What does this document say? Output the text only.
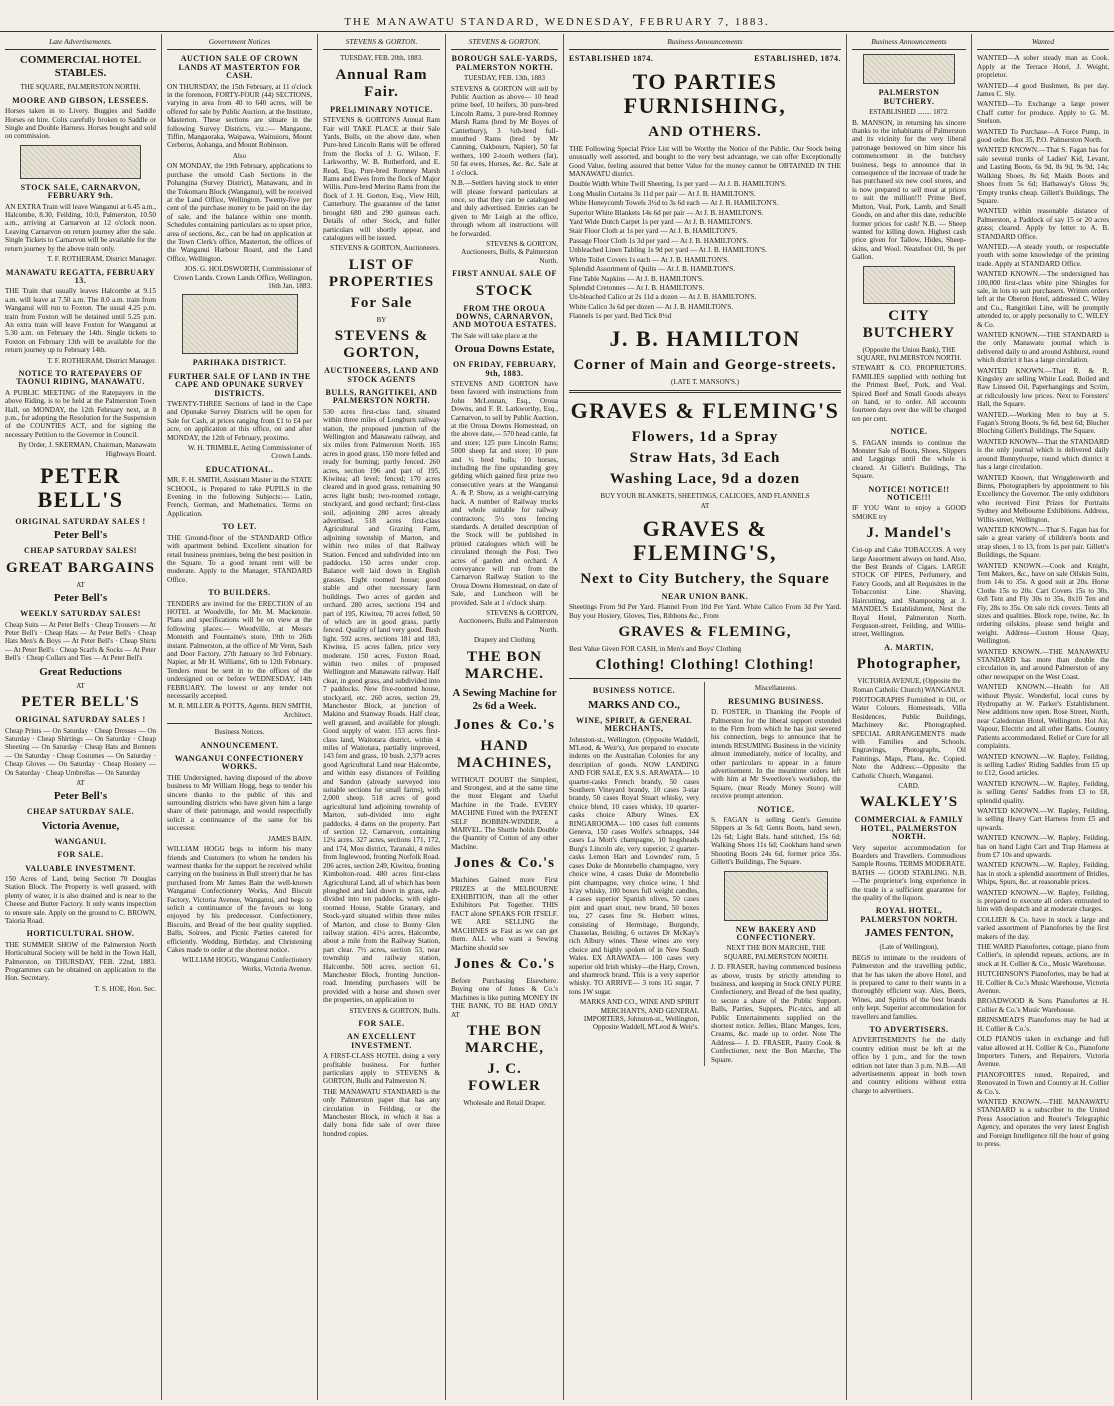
THE MANAWATU STANDARD, WEDNESDAY, FEBRUARY 7, 1883.
Late Advertisements.
COMMERCIAL HOTEL STABLES.
THE SQUARE, PALMERSTON NORTH.
MOORE AND GIBSON, LESSEES.
Horses taken in to Livery. Buggies and Saddle Horses on hire. Colts carefully broken to Saddle or Single and Double Harness. Horses bought and sold on commission.
STOCK SALE, CARNARVON, FEBRUARY 9th.
AN EXTRA Train will leave Wanganui at 6.45 a.m., Halcombe, 8.30, Feilding, 10.0, Palmerston, 10.50 a.m., arriving at Carnarvon at 12 o'clock noon. Leaving Carnarvon on return journey after the sale. Single Tickets to Carnarvon will be available for the return journey by the above train only.
T. F. ROTHERAM, District Manager.
MANAWATU REGATTA, FEBRUARY 13.
THE Train that usually leaves Halcombe at 9.15 a.m. will leave at 7.50 a.m. The 8.0 a.m. train from Wanganui will run to Foxton. The usual 4.25 p.m. train from Foxton will be detained until 5.25 p.m. An extra train will leave Foxton for Wanganui at 5.30 a.m. on February the 14th. Single tickets to Foxton on February 13th will be available for the return journey up to February 14th.
T. F. ROTHERAM, District Manager.
NOTICE TO RATEPAYERS OF TAONUI RIDING, MANAWATU.
A PUBLIC MEETING of the Ratepayers in the above Riding, is to be held at the Palmerston Town Hall, on MONDAY, the 12th February next, at 8 p.m., for adopting the Resolution for the Suspension of the COUNTIES ACT, and for signing the necessary Petition to the Governor in Council.
By Order, J. SKERMAN, Chairman, Manawatu Highways Board.
PETER BELL'S
ORIGINAL SATURDAY SALES !
Peter Bell's
CHEAP SATURDAY SALES!
GREAT BARGAINS
AT
Peter Bell's
WEEKLY SATURDAY SALES!
Cheap Suits — At Peter Bell's · Cheap Trousers — At Peter Bell's · Cheap Hats — At Peter Bell's · Cheap Hats Men's & Boys — At Peter Bell's · Cheap Shirts — At Peter Bell's · Cheap Scarfs & Socks — At Peter Bell's · Cheap Collars and Ties — At Peter Bell's
Great Reductions
AT
PETER BELL'S
ORIGINAL SATURDAY SALES !
Cheap Prints — On Saturday · Cheap Dresses — On Saturday · Cheap Shirtings — On Saturday · Cheap Sheeting — On Saturday · Cheap Hats and Bonnets — On Saturday · Cheap Costumes — On Saturday · Cheap Gloves — On Saturday · Cheap Hosiery — On Saturday · Cheap Umbrellas — On Saturday
AT
Peter Bell's
CHEAP SATURDAY SALE.
Victoria Avenue,
WANGANUI.
FOR SALE.
VALUABLE INVESTMENT.
150 Acres of Land, being Section 70 Douglas Station Block. The Property is well grassed, with plenty of water, it is also drained and is near to the Cheese and Butter Factory. It only wants inspection to ensure sale. Apply on the ground to C. BROWN, Taioria Road.
HORTICULTURAL SHOW.
THE SUMMER SHOW of the Palmerston North Horticultural Society will be held in the Town Hall, Palmerston, on THURSDAY, FEB. 22nd, 1883. Programmes can be obtained on application to the Hon. Secretary.
T. S. HOE, Hon. Sec.
Government Notices
AUCTION SALE OF CROWN LANDS AT MASTERTON FOR CASH.
ON THURSDAY, the 15th February, at 11 o'clock in the forenoon, FORTY-FOUR (44) SECTIONS, varying in area from 40 to 640 acres, will be offered for sale by Public Auction, at the Institute, Masterton. These sections are situate in the following Survey Districts, viz.:— Mangaone, Tiffin, Mangaoraka, Waipawa, Wainuioru, Mount Cerberus, Aohanga, and Mount Robinson.
Also
ON MONDAY, the 19th February, applications to purchase the unsold Cash Sections in the Pohangina (Survey District), Manawatu, and in the Tokomaru Block (Wanganui), will be received at the Land Office, Wellington. Twenty-five per cent of the purchase money to be paid on the day of sale, and the balance within one month. Schedules containing particulars as to upset price, area of sections, &c., can be had on application at the Town Clerk's office, Masterton, the offices of the Wanganui Harbour Board, and the Land Office, Wellington.
JOS. G. HOLDSWORTH, Commissioner of Crown Lands. Crown Lands Office, Wellington, 16th Jan, 1883.
PARIHAKA DISTRICT.
FURTHER SALE OF LAND IN THE CAPE AND OPUNAKE SURVEY DISTRICTS.
TWENTY-THREE Sections of land in the Cape and Opunake Survey Districts will be open for Sale for Cash, at prices ranging from £1 to £4 per acre, on application at this office, on and after MONDAY, the 12th of February, proximo.
W. H. TRIMBLE, Acting Commissioner of Crown Lands.
EDUCATIONAL.
MR. F. H. SMITH, Assistant Master in the STATE SCHOOL, is Prepared to take PUPILS in the Evening in the following Subjects:— Latin, French, German, and Mathematics. Terms on Application.
TO LET.
THE Ground-floor of the STANDARD Office with apartment behind. Excellent situation for retail business premises, being the best position in the Square. To a good tenant rent will be moderate. Apply to the Manager, STANDARD Office.
TO BUILDERS.
TENDERS are invited for the ERECTION of an HOTEL at Woodville, for Mr. M. Mackenzie. Plans and specifications will be on view at the following places:— Woodville, at Messrs Monteith and Fountaine's store, 19th to 26th instant. Palmerston, at the office of Mr Venn, Sash and Door Factory, 27th January to 3rd February. Napier, at Mr H. Williams', 6th to 12th February. Tenders must be sent in to the offices of the undersigned on or before WEDNESDAY, 14th FEBRUARY. The lowest or any tender not necessarily accepted.
M. R. MILLER & POTTS, Agents. BEN SMITH, Architect.
Business Notices.
ANNOUNCEMENT.
WANGANUI CONFECTIONERY WORKS.
THE Undersigned, having disposed of the above business to Mr William Hogg, begs to tender his sincere thanks to the public of this and surrounding districts who have given him a large share of their patronage, and would respectfully solicit a continuance of the same for his successor.
JAMES BAIN.
WILLIAM HOGG begs to inform his many friends and Customers (to whom he tenders his warmest thanks for the support he received whilst carrying on the business in Bull street) that he has purchased from Mr James Bain the well-known Wanganui Confectionery Works, And Biscuit Factory, Victoria Avenue, Wanganui, and begs to solicit a continuance of the favours so long enjoyed by his predecessor. Confectionery, Biscuits, and Bread of the best quality supplied. Balls, Soirees, and Picnic Parties catered for efficiently. Wedding, Birthday, and Christening Cakes made to order at the shortest notice.
WILLIAM HOGG, Wanganui Confectionery Works, Victoria Avenue.
STEVENS & GORTON.
TUESDAY, FEB. 20th, 1883.
Annual Ram Fair.
PRELIMINARY NOTICE.
STEVENS & GORTON'S Annual Ram Fair will TAKE PLACE at their Sale Yards, Bulls, on the above date, when Pure-bred Lincoln Rams will be offered from the flocks of J. G. Wilson, F. Larkworthy, W. B. Rutherford, and E. Read, Esq. Pure-bred Romney Marsh Rams and Ewes from the flock of Major Willis. Pure-bred Merino Rams from the flock of J. H. Gorton, Esq., View Hill, Canterbury. The guarantee of the latter brought 680 and 290 guineas each. Details of other Stock, and fuller particulars will shortly appear, and catalogues will be issued.
STEVENS & GORTON, Auctioneers.
LIST OF PROPERTIES
For Sale
BY
STEVENS & GORTON,
AUCTIONEERS, LAND AND STOCK AGENTS
BULLS, RANGITIKEI, AND PALMERSTON NORTH.
530 acres first-class land, situated within three miles of Longburn railway station, the proposed junction of the Wellington and Manawatu railway, and six miles from Palmerston North. 165 acres in good grass, 150 more felled and ready for burning; partly fenced. 260 acres, section 196 and part of 195, Kiwitea; all level; fenced; 170 acres cleared and in good grass, remaining 90 acres light bush; two-roomed cottage, stockyard, and good orchard; first-class soil, adjoining 280 acres already advertised. 518 acres first-class Agricultural and Grazing Farm, adjoining township of Marton, and within two miles of that Railway Station. Fenced and subdivided into ten paddocks. 150 acres under crop. Balance well laid down in English grasses. Eight roomed house; good stable and other necessary farm buildings. Two acres of garden and orchard. 280 acres, sections 194 and part of 195, Kiwitea, 70 acres felled, 50 of which are in good grass, partly fenced. Quality of land very good. Bush light. 592 acres, sections 181 and 183, Kiwitea, 15 acres fallen, price very moderate. 150 acres, Foxton Road, within two miles of proposed Wellington and Manawatu railway. Half clear, in good grass, and subdivided into 7 paddocks. New five-roomed house, stockyard, etc. 260 acres, section 29, Manchester Block, at junction of Makino and Stanway Roads. Half clear, well grassed, and available for plough. Good supply of water. 153 acres first-class land, Waitotara district, within 4 miles of Waitotara, partially improved, 143 fern and grass, 10 bush. 2,379 acres good Agricultural Land near Halcombe, and within easy distances of Feilding and Sandon (already surveyed into suitable sections for small farms), with 2,000 sheep. 518 acres of good agricultural land adjoining township of Marton, sub-divided into eight paddocks, 4 dams on the property. Part of section 12, Carnarvon, containing 12¼ acres. 327 acres, sections 171, 172, and 174, Mou district, Taranaki, 4 miles from Inglewood, fronting Norfolk Road. 206 acres, section 249, Kiwitea, fronting Kimbolton-road. 480 acres first-class Agricultural Land, all of which has been ploughed and laid down in grass, sub-divided into ten paddocks, with eight-roomed House, Stable Granary, and Stock-yard situated within three miles of Marton, and close to Bonny Glen railway station. 41¼ acres, Halcombe, about a mile from the Railway Station, part clear. 7½ acres, section 53, near township and railway station, Halcombe. 500 acres, section 61, Manchester Block, fronting Junction-road. Intending purchasers will be provided with a horse and shown over the properties, on application to
STEVENS & GORTON, Bulls.
FOR SALE.
AN EXCELLENT INVESTMENT.
A FIRST-CLASS HOTEL doing a very profitable business. For further particulars apply to STEVENS & GORTON, Bulls and Palmerston N.
THE MANAWATU STANDARD is the only Palmerston paper that has any circulation in Feilding, or the Manchester Block, in which it has a daily bona fide sale of over three hundred copies.
STEVENS & GORTON.
BOROUGH SALE-YARDS, PALMERSTON NORTH.
TUESDAY, FEB. 13th, 1883
STEVENS & GORTON will sell by Public Auction as above— 10 head prime beef, 10 heifers, 30 pure-bred Lincoln Rams, 3 pure-bred Romney Marsh Rams (bred by Mr Boyes of Canterbury), 3 ¾th-bred full-mouthed Rams (bred by Mr Canning, Oakbourn, Napier), 50 fat wethers, 100 2-tooth wethers (fat), 50 fat ewes, Horses, &c. &c. Sale at 1 o'clock.
N.B.—Settlers having stock to enter will please forward particulars at once, so that they can be catalogued and duly advertised. Entries can be given to Mr Leigh at the office, through whom all instructions will be forwarded.
STEVENS & GORTON, Auctioneers, Bulls, & Palmerston North.
FIRST ANNUAL SALE OF
STOCK
FROM THE OROUA DOWNS, CARNARVON, AND MOTOUA ESTATES.
The Sale will take place at the
Oroua Downs Estate,
ON FRIDAY, FEBRUARY, 9th, 1883.
STEVENS AND GORTON have been favored with instructions from John McLennan, Esq., Oroua Downs, and F. B. Larkworthy, Esq., Carnarvon, to sell by Public Auction, at the Oroua Downs Homestead, on the above date,— 570 head cattle, fat and store; 125 pure Lincoln Rams; 5000 sheep fat and store; 10 pure and ½ bred bulls; 10 horses, including the fine upstanding grey gelding which gained first prize two consecutive years at the Wanganui A. & P. Show, as a weight-carrying hack. A number of Railway trucks and whole suitable for railway contractors; 5½ tons fencing standards. A detailed description of the Stock will be published in printed catalogues which will be circulated through the Post. Two acres of garden and orchard. A conveyance will run from the Carnarvon Railway Station to the Oroua Downs Homestead, on date of Sale, and Luncheon will be provided. Sale at 1 o'clock sharp.
STEVENS & GORTON, Auctioneers, Bulls and Palmerston North.
Drapery and Clothing
THE BON MARCHE.
A Sewing Machine for 2s 6d a Week.
Jones & Co.'s
HAND MACHINES,
WITHOUT DOUBT the Simplest, and Strongest, and at the same time the most Elegant and Useful Machine in the Trade. EVERY MACHINE Fitted with the PATENT SELF BOBBIN-WINDER, a MARVEL. The Shuttle holds Double the Quantity of Cotton of any other Machine.
Jones & Co.'s
Machines Gained more First PRIZES at the MELBOURNE EXHIBITION, than all the other Exhibitors Put Together. THIS FACT alone SPEAKS FOR ITSELF. WE ARE SELLING the MACHINES as Fast as we can get them. ALL who want a Sewing Machine should see
Jones & Co.'s
Before Purchasing Elsewhere. Buying one of Jones & Co.'s Machines is like putting MONEY IN THE BANK, TO BE HAD ONLY AT
THE BON MARCHE,
J. C. FOWLER
Wholesale and Retail Draper.
Business Announcements
ESTABLISHED 1874.	ESTABLISHED, 1874.
TO PARTIES FURNISHING,
AND OTHERS.
THE Following Special Price List will be Worthy the Notice of the Public. Our Stock being unusually well assorted, and bought to the very best advantage, we can offer Exceptionally Good Value, feeling assured that better Value for the money cannot be OBTAINED IN THE MANAWATU district.

Double Width White Twill Sheeting, 1s per yard — At J. B. HAMILTON'S.

Long Muslin Curtains 3s 11d per pair — At J. B. HAMILTON'S.

White Honeycomb Towels 3½d to 3s 6d each — At J. B. HAMILTON'S.

Superior White Blankets 14s 6d per pair — At J. B. HAMILTON'S.

Yard Wide Dutch Carpet 1s per yard — At J. B. HAMILTON'S.

Stair Floor Cloth at 1s per yard — At J. B. HAMILTON'S.

Passage Floor Cloth 1s 3d per yard — At J. B. HAMILTON'S.

Unbleached Linen Tabling 1s 9d per yard — At J. B. HAMILTON'S.

White Toilet Covers 1s each — At J. B. HAMILTON'S.

Splendid Assortment of Quilts — At J. B. HAMILTON'S.

Fine Table Napkins — At J. B. HAMILTON'S.

Splendid Cretonnes — At J. B. HAMILTON'S.

Un-bleached Calico at 2s 11d a dozen — At J. B. HAMILTON'S.

White Calico 3s 6d per dozen — At J. B. HAMILTON'S.

Flannels 1s per yard. Bed Tick 8½d

J. B. HAMILTON
Corner of Main and George-streets.
(LATE T. MANSON'S.)
GRAVES & FLEMING'S
Flowers, 1d a Spray
Straw Hats, 3d Each
Washing Lace, 9d a dozen
BUY YOUR BLANKETS, SHEETINGS, CALICOES, AND FLANNELS
AT
GRAVES & FLEMING'S,
Next to City Butchery, the Square
NEAR UNION BANK.
Sheetings From 9d Per Yard. Flannel From 10d Per Yard. White Calico From 3d Per Yard. Buy your Hosiery, Gloves, Ties, Ribbons &c., From
GRAVES & FLEMING,
Best Value Given FOR CASH, in Men's and Boys' Clothing
Clothing! Clothing! Clothing!
BUSINESS NOTICE.
MARKS AND CO.,
WINE, SPIRIT, & GENERAL MERCHANTS,
Johnston-st., Wellington. (Opposite Waddell, M'Leod, & Weir's), Are prepared to execute indents on the Australian Colonies for any description of goods. NOW LANDING AND FOR SALE, EX S.S. ARAWATA— 10 quarter-casks French brandy, 50 cases Southern Vineyard brandy, 10 cases 3-star brandy, 50 cases Royal Stuart whisky, very choice blend, 10 cases whisky, 10 quarter-casks choice Albury Wines. EX RINGAROOMA— 100 cases full contents Geneva, 150 cases Wolfe's schnapps, 144 cases La Mott's champagne, 10 hogsheads Burg's Lincoln ale, very superior, 2 quarter-casks Lemon Hart and Lowndes' rum, 5 cases Duke de Montebello champagne, very choice wine, 4 cases Duke de Montebello pint champagne, very choice wine, 1 bhd Is'ay whisky, 100 boxes full weight candles, 4 cases superior Spanish olives, 50 cases pint and quart stout, new brand, 50 boxes tea, 27 cases fine St. Herbert wines, consisting of Hermitage, Burgundy, Chasselas, Reisling, 6 octaves Dr McKay's rich Albury wines. These wines are very choice and highly spoken of in New South Wales. EX ARAWATA— 100 cases very superior old Irish whisky—the Harp, Crown, and shamrock brand. This is a very superior whisky. TO ARRIVE— 3 tons 1G sugar, 7 tons 1W sugar.
MARKS AND CO., WINE AND SPIRIT MERCHANTS, AND GENERAL IMPORTERS, Johnston-st., Wellington, Opposite Waddell, M'Leod & Weir's.
Miscellaneous.
RESUMING BUSINESS.
D. FOSTER, in Thanking the People of Palmerston for the liberal support extended to the Firm from which he has just severed his connection, begs to announce that he intends RESUMING Business in the vicinity almost immediately, notice of locality, and other particulars to appear in a future advertisement. In the meantime orders left with him at Mr Sweetlove's workshop, the Square, (near Ready Money Store) will receive prompt attention.
NOTICE.
S. FAGAN is selling Gent's Genuine Slippers at 3s 6d; Gents Boots, hand sewn, 12s 6d; Light Bals. hand stitched, 15s 6d; Walking Shoes 11s 6d; Cookham hand sewn Shooting Boots 24s 6d, former price 35s. Gillett's Buildings, The Square.
NEW BAKERY AND CONFECTIONERY.
NEXT THE BON MARCHE, THE SQUARE, PALMERSTON NORTH.
J. D. FRASER, having commenced business as above, trusts by strictly attending to business, and keeping in Stock ONLY PURE Confectionery, and Bread of the best quality, to secure a share of the Public Support. Balls, Parties, Suppers, Pic-nics, and all Public Entertainments supplied on the shortest notice. Jellies, Blanc Manges, Ices, Creams, &c. made up to order. Note The Address— J. D. FRASER, Pastry Cook & Confectioner, next the Bon Marche, The Square.
Business Announcements
PALMERSTON BUTCHERY.
ESTABLISHED ........ 1872.
B. MANSON, in returning his sincere thanks to the inhabitants of Palmerston and its vicinity for the very liberal patronage bestowed on him since his commencement in the butchery business, begs to announce that in consequence of the increase of trade he has purchased six new cool stores, and is now prepared to sell meat at prices to suit the million!!! Prime Beef, Mutton, Veal, Pork, Lamb, and Small Goods, on and after this date, reducible former prices for cash! N.B. — Sheep wanted for killing down. Highest cash price given for Tallow, Hides, Sheep-skins, and Wool. Neatsfoot Oil, 9s per Gallon.
CITY BUTCHERY
(Opposite the Union Bank), THE SQUARE, PALMERSTON NORTH.
STEWART & CO. PROPRIETORS. FAMILIES supplied with nothing but the Primest Beef, Pork, and Veal. Spiced Beef and Small Goods always on hand, or to order. All accounts fourteen days over due will be charged ten per cent.
NOTICE.
S. FAGAN intends to continue the Monster Sale of Boots, Shoes, Slippers and Leggings until the whole is cleared. At Gillett's Buildings, The Square.
NOTICE! NOTICE!! NOTICE!!!
IF YOU Want to enjoy a GOOD SMOKE try
J. Mandel's
Cut-up and Cake TOBACCOS. A very large Assortment always on hand. Also, the Best Brands of Cigars. LARGE STOCK OF PIPES, Perfumery, and Fancy Goods, and all Requisites in the Tobacconist Line. Shaving, Haircutting, and Shampooing at J. MANDEL'S Establishment, Next the Royal Hotel, Palmerston North. Ferguson-street, Feilding, and Willis-street, Wellington.
A. MARTIN,
Photographer,
VICTORIA AVENUE, (Opposite the Roman Catholic Church) WANGANUI.
PHOTOGRAPHS Furnished in Oil, or Water Colours. Homesteads, Villa Residences, Public Buildings, Machinery &c. Photographed. SPECIAL ARRANGEMENTS made with Families and Schools. Engravings, Photographs, Oil Paintings, Maps, Plans, &c. Copied. Note the Address:—Opposite the Catholic Church, Wanganui.
CARD.
WALKLEY'S
COMMERCIAL & FAMILY HOTEL, PALMERSTON NORTH.
Very superior accommodation for Boarders and Travellers. Commodious Sample Rooms. TERMS MODERATE. BATHS — GOOD STABLING. N.B.—The proprietor's long experience in the trade is a sufficient guarantee for the quality of the liquors.
ROYAL HOTEL, PALMERSTON NORTH.
JAMES FENTON,
(Late of Wellington),
BEGS to intimate to the residents of Palmerston and the travelling public, that he has taken the above Hotel, and is prepared to cater to their wants in a thoroughly efficient way. Ales, Beers, Wines, and Spirits of the best brands only kept. Superior accommodation for travellers and families.
TO ADVERTISERS.
ADVERTISEMENTS for the daily country edition must be left at the office by 1 p.m., and for the town edition not later than 3 p.m. N.B.—All advertisements appear in both town and country editions without extra charge to advertisers.
Wanted
WANTED—A sober steady man as Cook. Apply at the Terrace Hotel, J. Weight, proprietor.
WANTED—4 good Bushmen, 8s per day. James C. Sly.
WANTED—To Exchange a large power Chaff cutter for produce. Apply to G. M. Snelson.
WANTED To Purchase—A Force Pump, in good order. Box 35, P.O. Palmerston North.
WANTED KNOWN.—That S. Fagan has for sale several trunks of Ladies' Kid, Levant, and Lasting Boots, 6s 9d, 8s 9d, 9s 9d, 14s; Walking Shoes, 8s 6d; Maids Boots and Shoes from 5s 6d; Hathaway's Gloss 9s; 'Empty trunks cheap. Gillett's Buildings, The Square.
WANTED within reasonable distance of Palmerston, a Paddock of say 15 or 20 acres grass; cleared. Apply by letter to A. B. STANDARD Office.
WANTED.—A steady youth, or respectable youth with some knowledge of the printing trade. Apply at STANDARD Office.
WANTED KNOWN.—The undersigned has 100,000 first-class white pine Shingles for sale, in lots to suit purchasers. Written orders left at the Oberon Hotel, addressed C. Wiley and Co., Rangitikei Line, will be promptly attended to, or apply personally to C. WILEY & Co.
WANTED KNOWN.—THE STANDARD is the only Manawatu journal which is delivered daily to and around Ashhurst, round which district it has a large circulation.
WANTED KNOWN.—That R. & R. Kingsley are selling White Lead, Boiled and Raw Linseed Oil, Paperhangings and Scrim, at ridiculously low prices. Next to Foresters' Hall, the Square.
WANTED.—Working Men to buy at S. Fagan's Strong Boots, 9s 6d, best 6d; Blucher Bluching Gillett's Buildings, The Square.
WANTED KNOWN—That the STANDARD is the only journal which is delivered daily around Bunnythorpe, round which district it has a large circulation.
WANTED Known, that Wrigglesworth and Binns, Photographers by appointment to his Excellency the Governor. The only exhibitors who received First Prizes for Portraits Sydney and Melbourne Exhibitions. Address, Willis-street, Wellington.
WANTED KNOWN.—That S. Fagan has for sale a great variety of children's boots and strap shoes, 1 to 13, from 1s per pair. Gillett's Buildings, the Square.
WANTED KNOWN.—Cook and Knight, Tent Makers, &c., have on sale Oilskin Suits, from 14s to 35s. A good suit at 20s. Horse Cloths 15s to 20s. Cart Covers 15s to 30s. 6x8 Tent and Fly 30s to 35s, 8x10 Ten and Fly, 28s to 35s. On sale rick covers. Tents all sizes and qualities. Block rope, twine, &c. In ordering oilskins, please send height and weight. Address—Custom House Quay, Wellington.
WANTED KNOWN.—THE MANAWATU STANDARD has more than double the circulation in, and around Palmerston of any other newspaper on the West Coast.
WANTED KNOWN.—Health for All without Physic. Wonderful, local cures by Hydropathy at W. Parker's Establishment. New additions now open. Rose Street, North, near Caledonian Hotel, Wellington. Hot Air, Vapour, Electric and all other Baths. Country Patients accommodated. Relief or Cure for all complaints.
WANTED KNOWN.—W. Rapley, Feilding, is selling Ladies' Riding Saddles from £5 up to £12, Good articles.
WANTED KNOWN.—W. Rapley, Feilding, is selling Gents' Saddles from £3 to £8, splendid quality.
WANTED KNOWN.—W. Rapley, Feilding, is selling Heavy Cart Harness from £5 and upwards.
WANTED KNOWN.—W. Rapley, Feilding, has on hand Light Cart and Trap Harness at from £7 10s and upwards.
WANTED KNOWN.—W. Rapley, Feilding, has in stock a splendid assortment of Bridles, Whips, Spurs, &c. at reasonable prices.
WANTED KNOWN.—W. Rapley, Feilding, is prepared to execute all orders entrusted to him with despatch and at moderate charges.
COLLIER & Co. have in stock a large and varied assortment of Pianofortes by the first makers of the day.
THE WARD Pianofortes, cottage, piano from Collier's, in splendid repeats, actions, are in stock at H. Collier & Co., Music Warehouse.
HUTCHINSON'S Pianofortes, may be had at H. Collier & Co.'s Music Warehouse, Victoria Avenue.
BROADWOOD & Sons Pianofortes at H. Collier & Co.'s Music Warehouse.
BRINSMEAD'S Pianofortes may be had at H. Collier & Co.'s.
OLD PIANOS taken in exchange and full value allowed at H. Collier & Co., Pianoforte Importers Tuners, and Repairers, Victoria Avenue.
PIANOFORTES tuned, Repaired, and Renovated in Town and Country at H. Collier & Co.'s.
WANTED KNOWN.—THE MANAWATU STANDARD is a subscriber to the United Press Association and Reuter's Telegraphic Agency, and operates the very latest English and Foreign Intelligence till the hour of going to press.
